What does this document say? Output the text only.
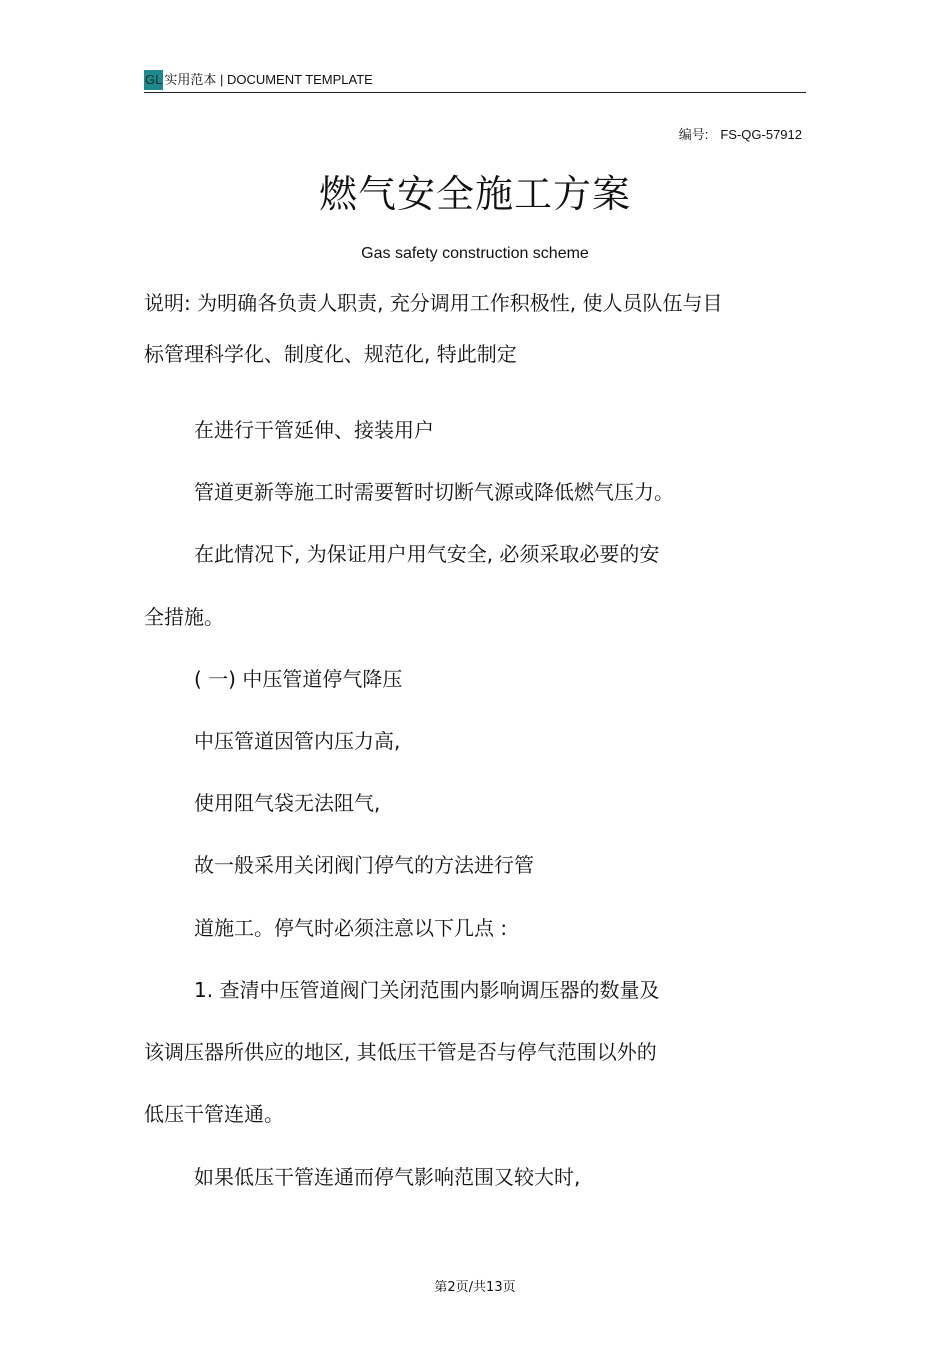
GL 实用范本 | DOCUMENT TEMPLATE
编号: FS-QG-57912
燃气安全施工方案
Gas safety construction scheme
说明: 为明确各负责人职责, 充分调用工作积极性, 使人员队伍与目
标管理科学化、制度化、规范化, 特此制定
在进行干管延伸、接装用户
管道更新等施工时需要暂时切断气源或降低燃气压力。
在此情况下, 为保证用户用气安全, 必须采取必要的安
全措施。
( 一) 中压管道停气降压
中压管道因管内压力高,
使用阻气袋无法阻气,
故一般采用关闭阀门停气的方法进行管
道施工。停气时必须注意以下几点 :
1. 查清中压管道阀门关闭范围内影响调压器的数量及
该调压器所供应的地区, 其低压干管是否与停气范围以外的
低压干管连通。
如果低压干管连通而停气影响范围又较大时,
第2页/共13页
